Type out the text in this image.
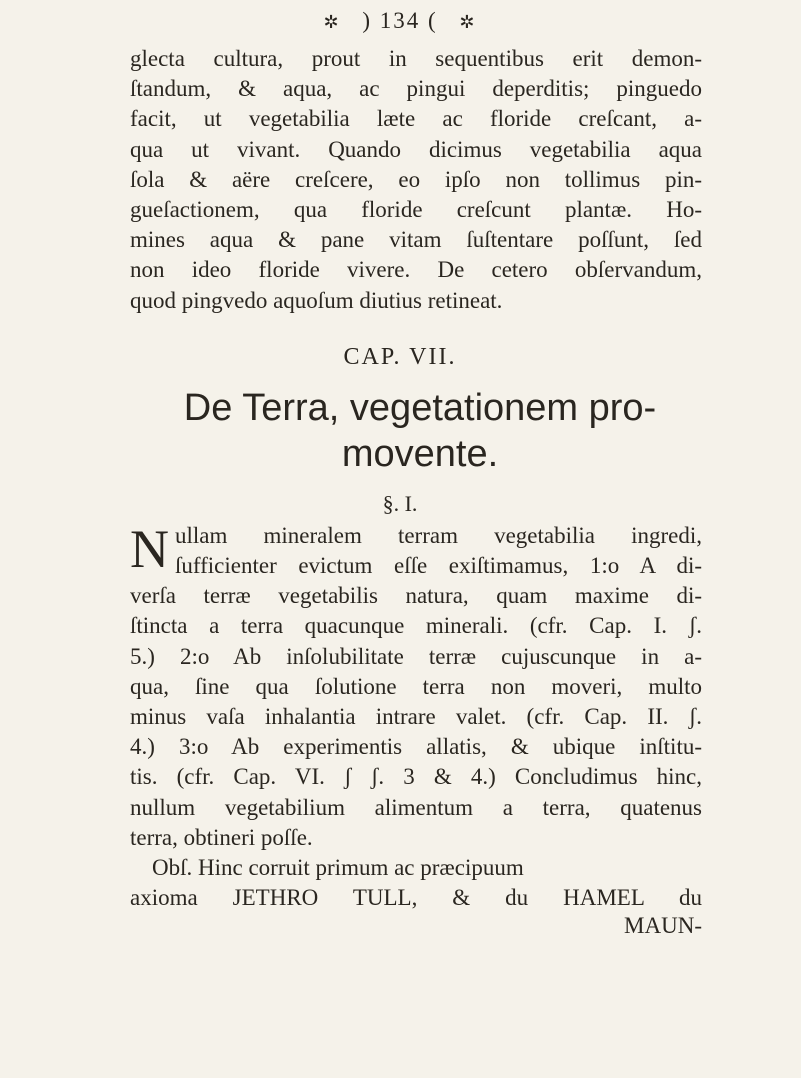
✲ ) 134 ( ✲

glecta cultura, prout in sequentibus erit demon-
ſtandum, & aqua, ac pingui deperditis; pinguedo
facit, ut vegetabilia læte ac floride creſcant, a-
qua ut vivant. Quando dicimus vegetabilia aqua
ſola & aëre creſcere, eo ipſo non tollimus pin-
gueſactionem, qua floride creſcunt plantæ. Ho-
mines aqua & pane vitam ſuſtentare poſſunt, ſed
non ideo floride vivere. De cetero obſervandum,
quod pingvedo aquoſum diutius retineat.

CAP. VII.
De Terra, vegetationem pro-
movente.
§. I.
N ullam mineralem terram vegetabilia ingredi,
ſufficienter evictum eſſe exiſtimamus, 1:o A di-
verſa terræ vegetabilis natura, quam maxime di-
ſtincta a terra quacunque minerali. (cfr. Cap. I. ʃ.
5.) 2:o Ab inſolubilitate terræ cujuscunque in a-
qua, ſine qua ſolutione terra non moveri, multo
minus vaſa inhalantia intrare valet. (cfr. Cap. II. ʃ.
4.) 3:o Ab experimentis allatis, & ubique inſtitu-
tis. (cfr. Cap. VI. ʃ ʃ. 3 & 4.) Concludimus hinc,
nullum vegetabilium alimentum a terra, quatenus
terra, obtineri poſſe.
Obſ. Hinc corruit primum ac præcipuum
axioma JETHRO TULL, & du HAMEL du

MAUN-
